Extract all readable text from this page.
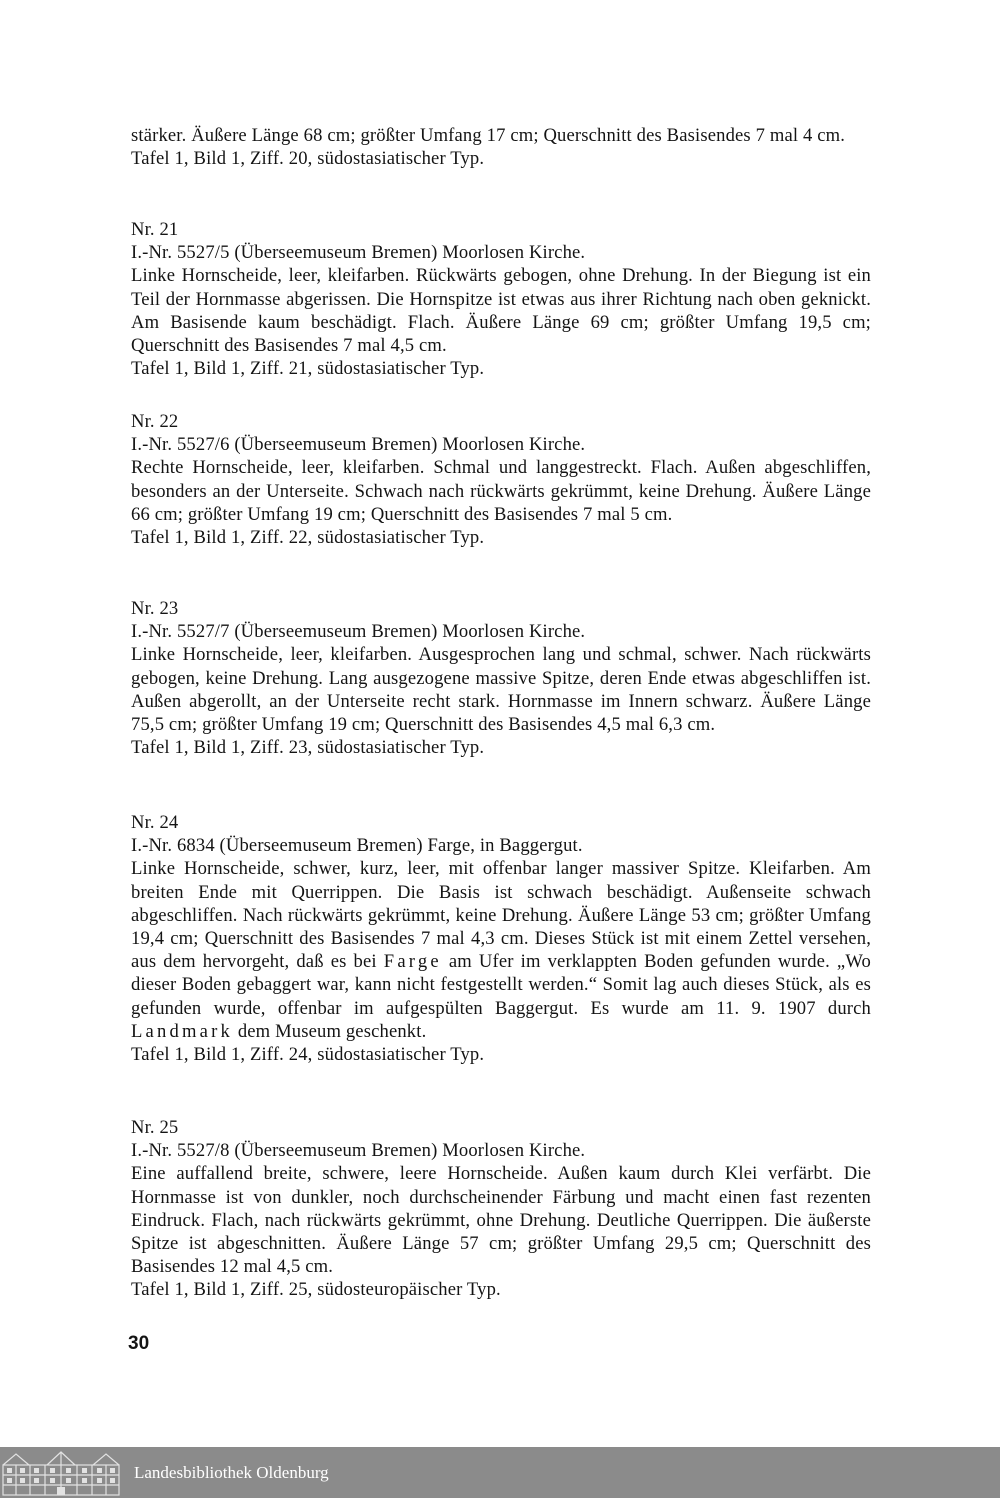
stärker. Äußere Länge 68 cm; größter Umfang 17 cm; Querschnitt des Basisendes 7 mal 4 cm.

Tafel 1, Bild 1, Ziff. 20, südostasiatischer Typ.

Nr. 21

I.-Nr. 5527/5 (Überseemuseum Bremen) Moorlosen Kirche.

Linke Hornscheide, leer, kleifarben. Rückwärts gebogen, ohne Drehung. In der Biegung ist ein Teil der Hornmasse abgerissen. Die Hornspitze ist etwas aus ihrer Richtung nach oben geknickt. Am Basisende kaum beschädigt. Flach. Äußere Länge 69 cm; größter Umfang 19,5 cm; Querschnitt des Basisendes 7 mal 4,5 cm.

Tafel 1, Bild 1, Ziff. 21, südostasiatischer Typ.

Nr. 22

I.-Nr. 5527/6 (Überseemuseum Bremen) Moorlosen Kirche.

Rechte Hornscheide, leer, kleifarben. Schmal und langgestreckt. Flach. Außen abgeschliffen, besonders an der Unterseite. Schwach nach rückwärts gekrümmt, keine Drehung. Äußere Länge 66 cm; größter Umfang 19 cm; Querschnitt des Basisendes 7 mal 5 cm.

Tafel 1, Bild 1, Ziff. 22, südostasiatischer Typ.

Nr. 23

I.-Nr. 5527/7 (Überseemuseum Bremen) Moorlosen Kirche.

Linke Hornscheide, leer, kleifarben. Ausgesprochen lang und schmal, schwer. Nach rückwärts gebogen, keine Drehung. Lang ausgezogene massive Spitze, deren Ende etwas abgeschliffen ist. Außen abgerollt, an der Unterseite recht stark. Hornmasse im Innern schwarz. Äußere Länge 75,5 cm; größter Umfang 19 cm; Querschnitt des Basisendes 4,5 mal 6,3 cm.

Tafel 1, Bild 1, Ziff. 23, südostasiatischer Typ.

Nr. 24

I.-Nr. 6834 (Überseemuseum Bremen) Farge, in Baggergut.

Linke Hornscheide, schwer, kurz, leer, mit offenbar langer massiver Spitze. Kleifarben. Am breiten Ende mit Querrippen. Die Basis ist schwach beschädigt. Außenseite schwach abgeschliffen. Nach rückwärts gekrümmt, keine Drehung. Äußere Länge 53 cm; größter Umfang 19,4 cm; Querschnitt des Basisendes 7 mal 4,3 cm. Dieses Stück ist mit einem Zettel versehen, aus dem hervorgeht, daß es bei Farge am Ufer im verklappten Boden gefunden wurde. „Wo dieser Boden gebaggert war, kann nicht festgestellt werden.“ Somit lag auch dieses Stück, als es gefunden wurde, offenbar im aufgespülten Baggergut. Es wurde am 11. 9. 1907 durch Landmark dem Museum geschenkt.

Tafel 1, Bild 1, Ziff. 24, südostasiatischer Typ.

Nr. 25

I.-Nr. 5527/8 (Überseemuseum Bremen) Moorlosen Kirche.

Eine auffallend breite, schwere, leere Hornscheide. Außen kaum durch Klei verfärbt. Die Hornmasse ist von dunkler, noch durchscheinender Färbung und macht einen fast rezenten Eindruck. Flach, nach rückwärts gekrümmt, ohne Drehung. Deutliche Querrippen. Die äußerste Spitze ist abgeschnitten. Äußere Länge 57 cm; größter Umfang 29,5 cm; Querschnitt des Basisendes 12 mal 4,5 cm.

Tafel 1, Bild 1, Ziff. 25, südosteuropäischer Typ.

30
Landesbibliothek Oldenburg
